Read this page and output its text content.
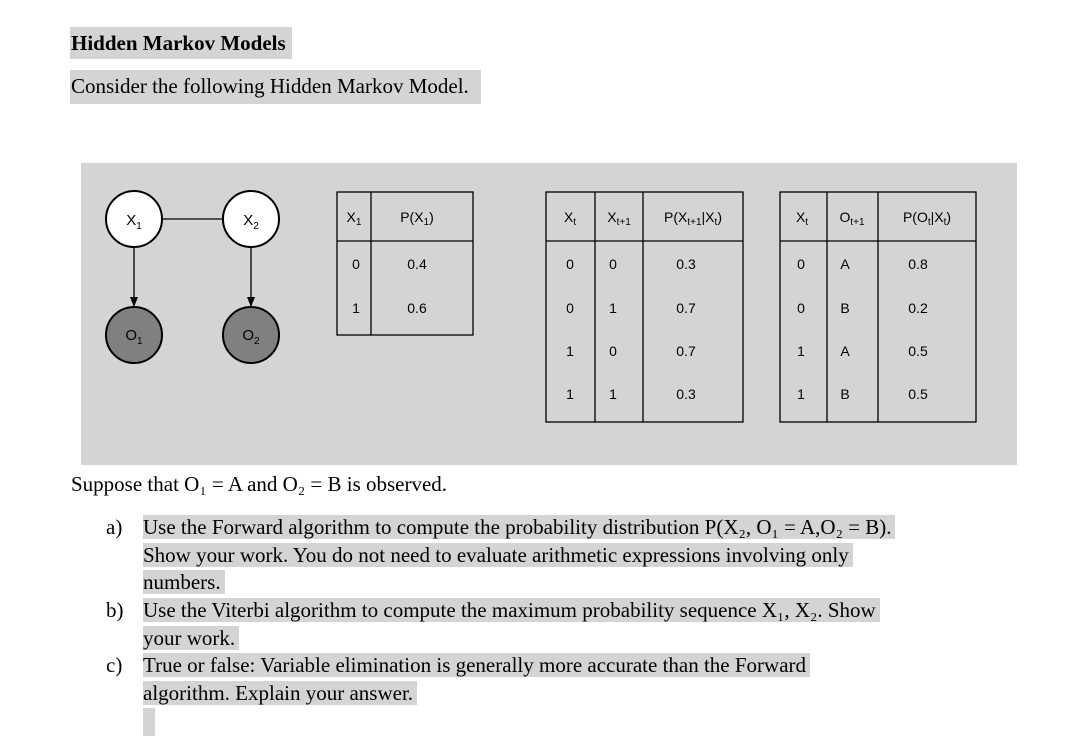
Hidden Markov Models
Consider the following Hidden Markov Model.
$X_1$	$X_2$
$O_1$	$O_2$
$X_1$	$P(X_1)$
0	0.4
1	0.6
$X_t$ $X_{t+1}$ $P(X_{t+1}|X_t)$
0	0	0.3
0	1	0.7
1	0	0.7
1	1	0.3
$X_t$ $O_{t+1}$	$P(O_t|X_t)$
0	A	0.8
0	B	0.2
1	A	0.5
1	B	0.5
Suppose that O₁ = A and O₂ = B is observed.
a) Use the Forward algorithm to compute the probability distribution P(X₂, O₁ = A,O₂ = B).
Show your work. You do not need to evaluate arithmetic expressions involving only
numbers.
b) Use the Viterbi algorithm to compute the maximum probability sequence X₁, X₂. Show
your work.
c) True or false: Variable elimination is generally more accurate than the Forward
algorithm. Explain your answer.
